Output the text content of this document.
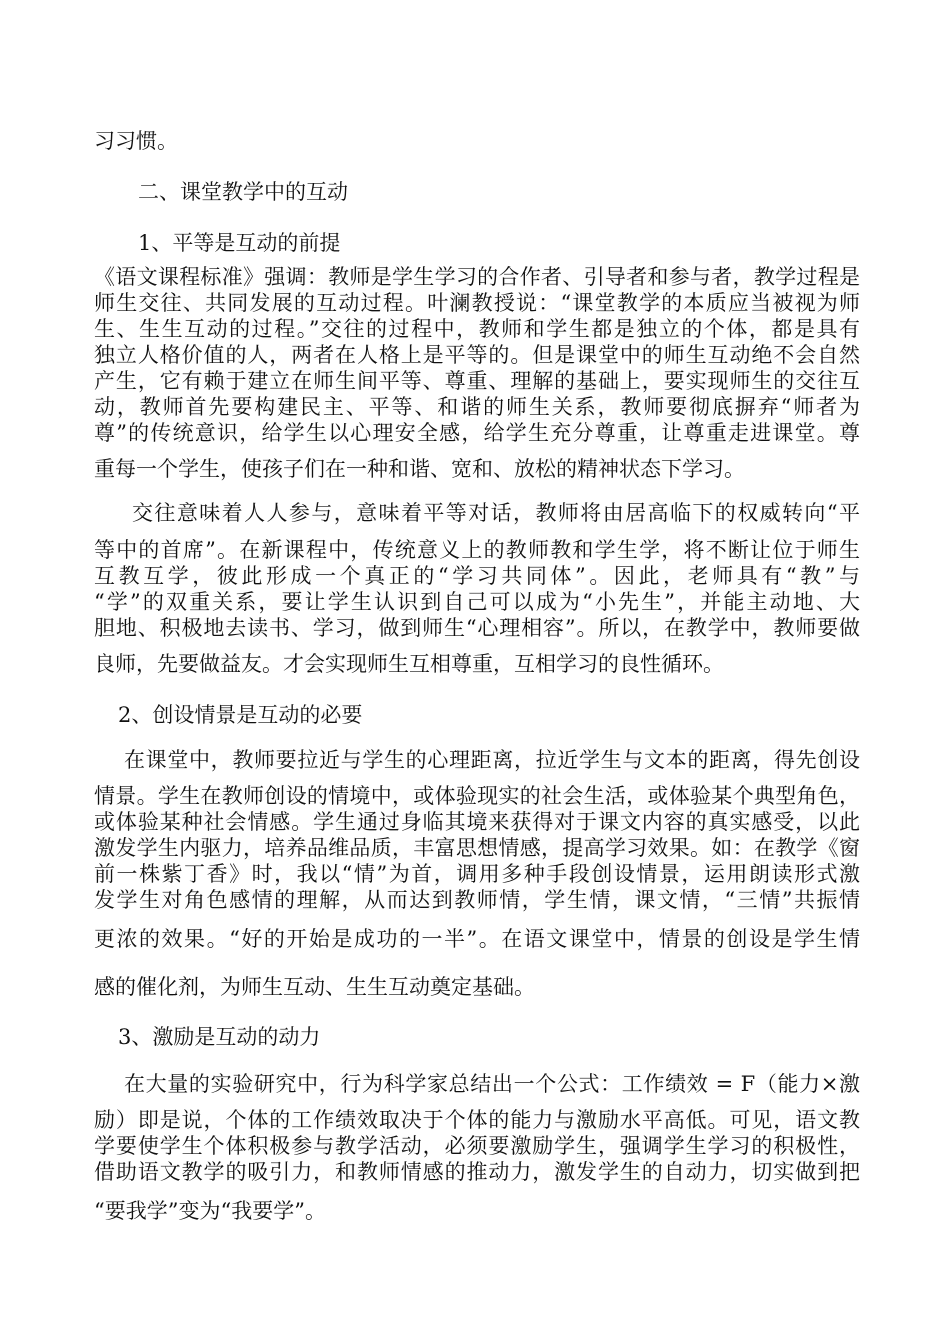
习习惯。

二、课堂教学中的互动

1、平等是互动的前提

《语文课程标准》强调：教师是学生学习的合作者、引导者和参与者，教学过程是

师生交往、共同发展的互动过程。叶澜教授说：“课堂教学的本质应当被视为师

生、生生互动的过程。”交往的过程中，教师和学生都是独立的个体，都是具有

独立人格价值的人，两者在人格上是平等的。但是课堂中的师生互动绝不会自然

产生，它有赖于建立在师生间平等、尊重、理解的基础上，要实现师生的交往互

动，教师首先要构建民主、平等、和谐的师生关系，教师要彻底摒弃“师者为

尊”的传统意识，给学生以心理安全感，给学生充分尊重，让尊重走进课堂。尊

重每一个学生，使孩子们在一种和谐、宽和、放松的精神状态下学习。

交往意味着人人参与，意味着平等对话，教师将由居高临下的权威转向“平

等中的首席”。在新课程中，传统意义上的教师教和学生学，将不断让位于师生

互教互学，彼此形成一个真正的“学习共同体”。因此，老师具有“教”与

“学”的双重关系，要让学生认识到自己可以成为“小先生”，并能主动地、大

胆地、积极地去读书、学习，做到师生“心理相容”。所以，在教学中，教师要做

良师，先要做益友。才会实现师生互相尊重，互相学习的良性循环。

2、创设情景是互动的必要

在课堂中，教师要拉近与学生的心理距离，拉近学生与文本的距离，得先创设

情景。学生在教师创设的情境中，或体验现实的社会生活，或体验某个典型角色，

或体验某种社会情感。学生通过身临其境来获得对于课文内容的真实感受，以此

激发学生内驱力，培养品维品质，丰富思想情感，提高学习效果。如：在教学《窗

前一株紫丁香》时，我以“情”为首，调用多种手段创设情景，运用朗读形式激

发学生对角色感情的理解，从而达到教师情，学生情，课文情，“三情”共振情

更浓的效果。“好的开始是成功的一半”。在语文课堂中，情景的创设是学生情

感的催化剂，为师生互动、生生互动奠定基础。

3、激励是互动的动力

在大量的实验研究中，行为科学家总结出一个公式：工作绩效 = F（能力×激

励）即是说，个体的工作绩效取决于个体的能力与激励水平高低。可见，语文教

学要使学生个体积极参与教学活动，必须要激励学生，强调学生学习的积极性，

借助语文教学的吸引力，和教师情感的推动力，激发学生的自动力，切实做到把

“要我学”变为“我要学”。
